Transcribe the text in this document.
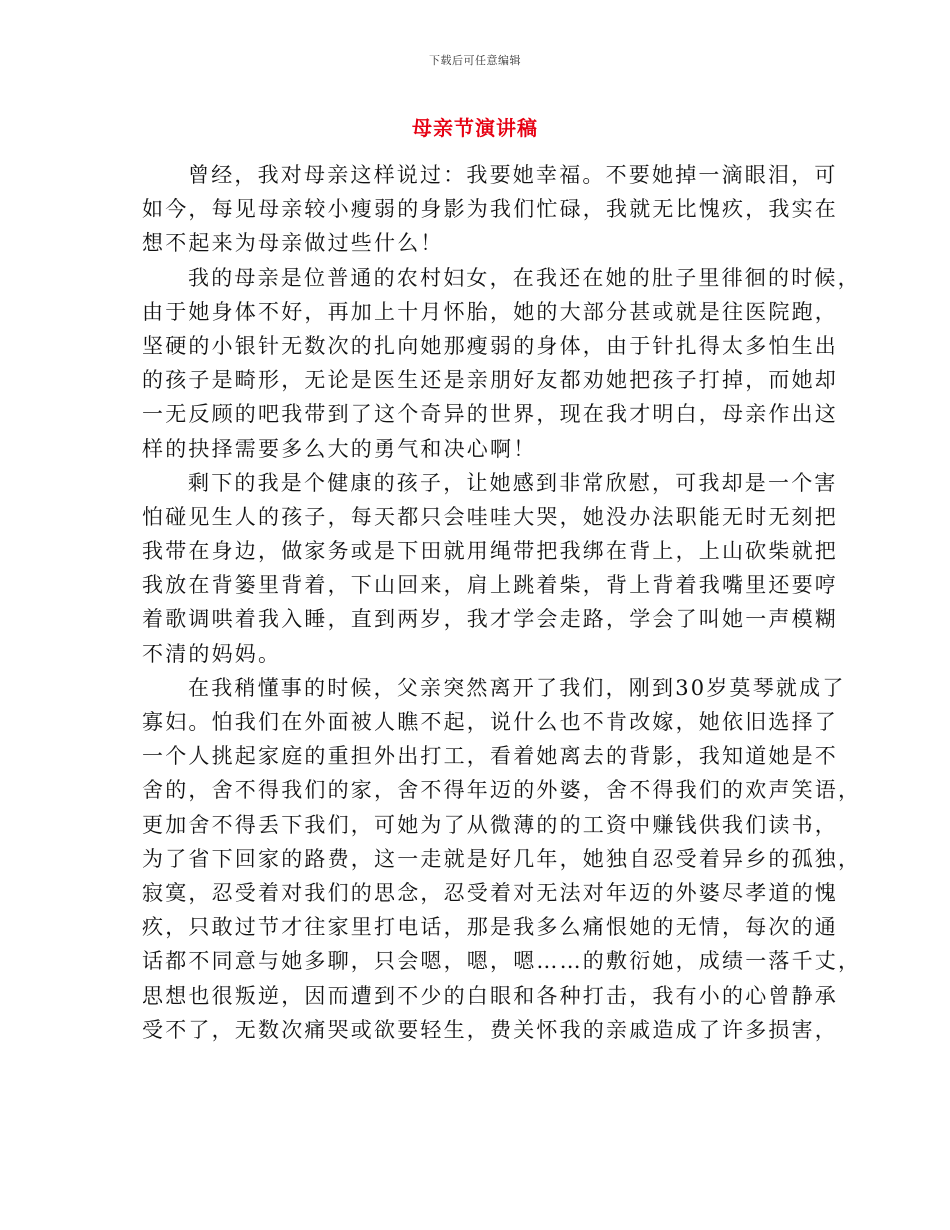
下载后可任意编辑
母亲节演讲稿
曾经，我对母亲这样说过：我要她幸福。不要她掉一滴眼泪，可
如今，每见母亲较小瘦弱的身影为我们忙碌，我就无比愧疚，我实在
想不起来为母亲做过些什么！
我的母亲是位普通的农村妇女，在我还在她的肚子里徘徊的时候，
由于她身体不好，再加上十月怀胎，她的大部分甚或就是往医院跑，
坚硬的小银针无数次的扎向她那瘦弱的身体，由于针扎得太多怕生出
的孩子是畸形，无论是医生还是亲朋好友都劝她把孩子打掉，而她却
一无反顾的吧我带到了这个奇异的世界，现在我才明白，母亲作出这
样的抉择需要多么大的勇气和决心啊！
剩下的我是个健康的孩子，让她感到非常欣慰，可我却是一个害
怕碰见生人的孩子，每天都只会哇哇大哭，她没办法职能无时无刻把
我带在身边，做家务或是下田就用绳带把我绑在背上，上山砍柴就把
我放在背篓里背着，下山回来，肩上跳着柴，背上背着我嘴里还要哼
着歌调哄着我入睡，直到两岁，我才学会走路，学会了叫她一声模糊
不清的妈妈。
在我稍懂事的时候，父亲突然离开了我们，刚到30岁莫琴就成了
寡妇。怕我们在外面被人瞧不起，说什么也不肯改嫁，她依旧选择了
一个人挑起家庭的重担外出打工，看着她离去的背影，我知道她是不
舍的，舍不得我们的家，舍不得年迈的外婆，舍不得我们的欢声笑语，
更加舍不得丢下我们，可她为了从微薄的的工资中赚钱供我们读书，
为了省下回家的路费，这一走就是好几年，她独自忍受着异乡的孤独，
寂寞，忍受着对我们的思念，忍受着对无法对年迈的外婆尽孝道的愧
疚，只敢过节才往家里打电话，那是我多么痛恨她的无情，每次的通
话都不同意与她多聊，只会嗯，嗯，嗯……的敷衍她，成绩一落千丈，
思想也很叛逆，因而遭到不少的白眼和各种打击，我有小的心曾静承
受不了，无数次痛哭或欲要轻生，费关怀我的亲戚造成了许多损害，
